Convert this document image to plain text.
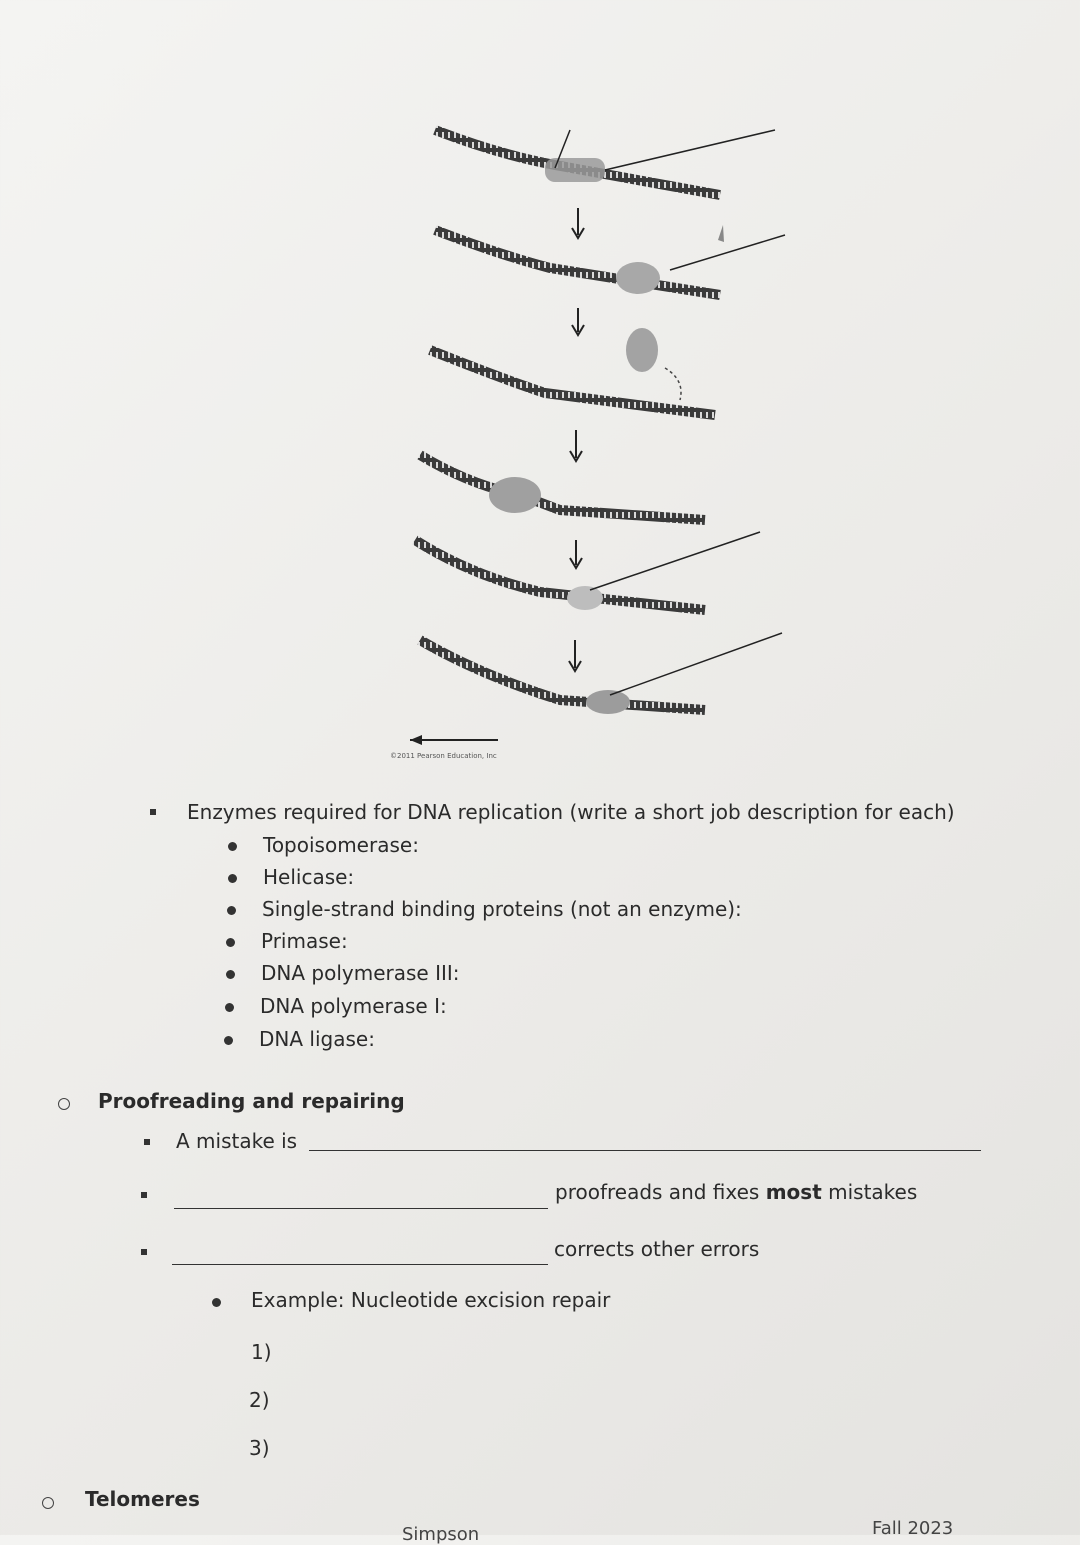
©2011 Pearson Education, Inc
Enzymes required for DNA replication (write a short job description for each)
Topoisomerase:
Helicase:
Single-strand binding proteins (not an enzyme):
Primase:
DNA polymerase III:
DNA polymerase I:
DNA ligase:
Proofreading and repairing
A mistake is
proofreads and fixes most mistakes
corrects other errors
Example: Nucleotide excision repair
1)
2)
3)
Telomeres
Simpson	Fall 2023
